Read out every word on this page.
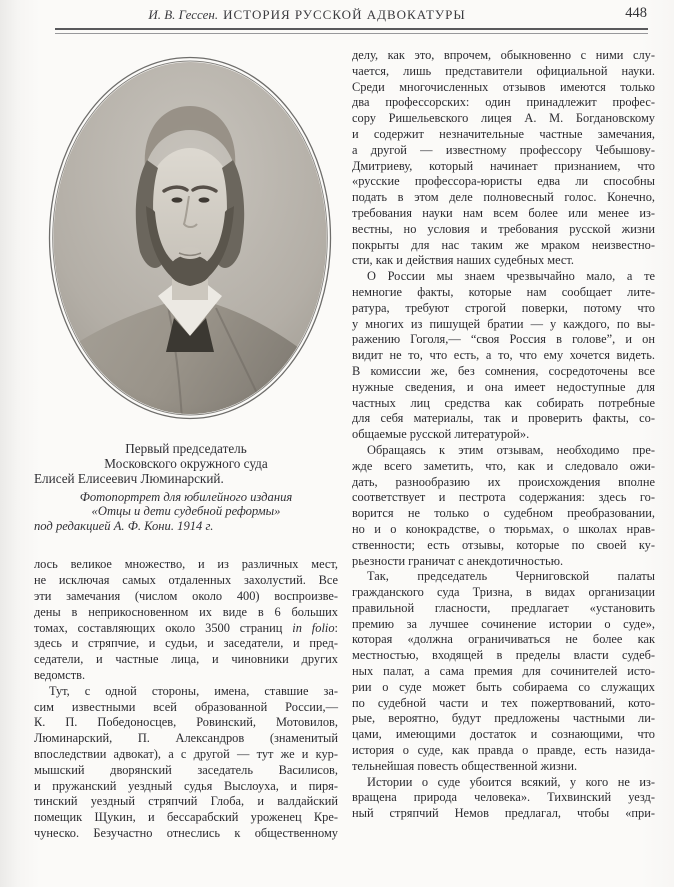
И. В. Гессен. ИСТОРИЯ РУССКОЙ АДВОКАТУРЫ	448
Первый председатель
Московского окружного суда
Елисей Елисеевич Люминарский.
Фотопортрет для юбилейного издания
«Отцы и дети судебной реформы»
под редакцией А. Ф. Кони. 1914 г.
лось великое множество, и из различных мест,
не исключая самых отдаленных захолустий. Все
эти замечания (числом около 400) воспроизве-
дены в неприкосновенном их виде в 6 больших
томах, составляющих около 3500 страниц in folio:
здесь и стряпчие, и судьи, и заседатели, и пред-
седатели, и частные лица, и чиновники других
ведомств.
Тут, с одной стороны, имена, ставшие за-
сим известными всей образованной России,—
К. П. Победоносцев, Ровинский, Мотовилов,
Люминарский, П. Александров (знаменитый
впоследствии адвокат), а с другой — тут же и кур-
мышский дворянский заседатель Василисов,
и пружанский уездный судья Выслоуха, и пиря-
тинский уездный стряпчий Глоба, и валдайский
помещик Щукин, и бессарабский уроженец Кре-
чунеско. Безучастно отнеслись к общественному
делу, как это, впрочем, обыкновенно с ними слу-
чается, лишь представители официальной науки.
Среди многочисленных отзывов имеются только
два профессорских: один принадлежит профес-
сору Ришельевского лицея А. М. Богдановскому
и содержит незначительные частные замечания,
а другой — известному профессору Чебышову-
Дмитриеву, который начинает признанием, что
«русские профессора-юристы едва ли способны
подать в этом деле полновесный голос. Конечно,
требования науки нам всем более или менее из-
вестны, но условия и требования русской жизни
покрыты для нас таким же мраком неизвестно-
сти, как и действия наших судебных мест.
О России мы знаем чрезвычайно мало, а те
немногие факты, которые нам сообщает лите-
ратура, требуют строгой поверки, потому что
у многих из пишущей братии — у каждого, по вы-
ражению Гоголя,— “своя Россия в голове”, и он
видит не то, что есть, а то, что ему хочется видеть.
В комиссии же, без сомнения, сосредоточены все
нужные сведения, и она имеет недоступные для
частных лиц средства как собирать потребные
для себя материалы, так и проверить факты, со-
общаемые русской литературой».
Обращаясь к этим отзывам, необходимо пре-
жде всего заметить, что, как и следовало ожи-
дать, разнообразию их происхождения вполне
соответствует и пестрота содержания: здесь го-
ворится не только о судебном преобразовании,
но и о конокрадстве, о тюрьмах, о школах нрав-
ственности; есть отзывы, которые по своей ку-
рьезности граничат с анекдотичностью.
Так, председатель Черниговской палаты
гражданского суда Тризна, в видах организации
правильной гласности, предлагает «установить
премию за лучшее сочинение истории о суде»,
которая «должна ограничиваться не более как
местностью, входящей в пределы власти судеб-
ных палат, а сама премия для сочинителей исто-
рии о суде может быть собираема со служащих
по судебной части и тех пожертвований, кото-
рые, вероятно, будут предложены частными ли-
цами, имеющими достаток и сознающими, что
история о суде, как правда о правде, есть назида-
тельнейшая повесть общественной жизни.
Истории о суде убоится всякий, у кого не из-
вращена природа человека». Тихвинский уезд-
ный стряпчий Немов предлагал, чтобы «при-
